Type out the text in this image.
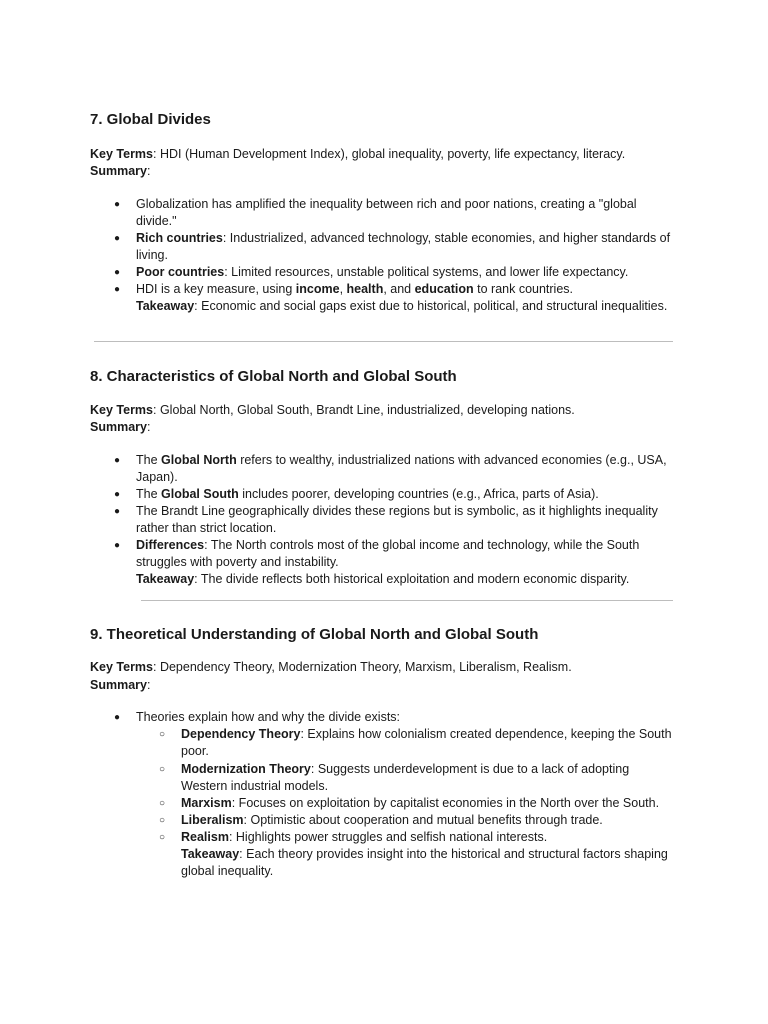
7. Global Divides

Key Terms: HDI (Human Development Index), global inequality, poverty, life expectancy, literacy.

Summary:

● Globalization has amplified the inequality between rich and poor nations, creating a "global divide."

● Rich countries: Industrialized, advanced technology, stable economies, and higher standards of living.

● Poor countries: Limited resources, unstable political systems, and lower life expectancy.

● HDI is a key measure, using income, health, and education to rank countries.

Takeaway: Economic and social gaps exist due to historical, political, and structural inequalities.

8. Characteristics of Global North and Global South

Key Terms: Global North, Global South, Brandt Line, industrialized, developing nations.

Summary:

● The Global North refers to wealthy, industrialized nations with advanced economies (e.g., USA, Japan).

● The Global South includes poorer, developing countries (e.g., Africa, parts of Asia).

● The Brandt Line geographically divides these regions but is symbolic, as it highlights inequality rather than strict location.

● Differences: The North controls most of the global income and technology, while the South struggles with poverty and instability.

Takeaway: The divide reflects both historical exploitation and modern economic disparity.

9. Theoretical Understanding of Global North and Global South

Key Terms: Dependency Theory, Modernization Theory, Marxism, Liberalism, Realism.

Summary:

● Theories explain how and why the divide exists:

○ Dependency Theory: Explains how colonialism created dependence, keeping the South poor.

○ Modernization Theory: Suggests underdevelopment is due to a lack of adopting Western industrial models.

○ Marxism: Focuses on exploitation by capitalist economies in the North over the South.

○ Liberalism: Optimistic about cooperation and mutual benefits through trade.

○ Realism: Highlights power struggles and selfish national interests.

Takeaway: Each theory provides insight into the historical and structural factors shaping global inequality.
